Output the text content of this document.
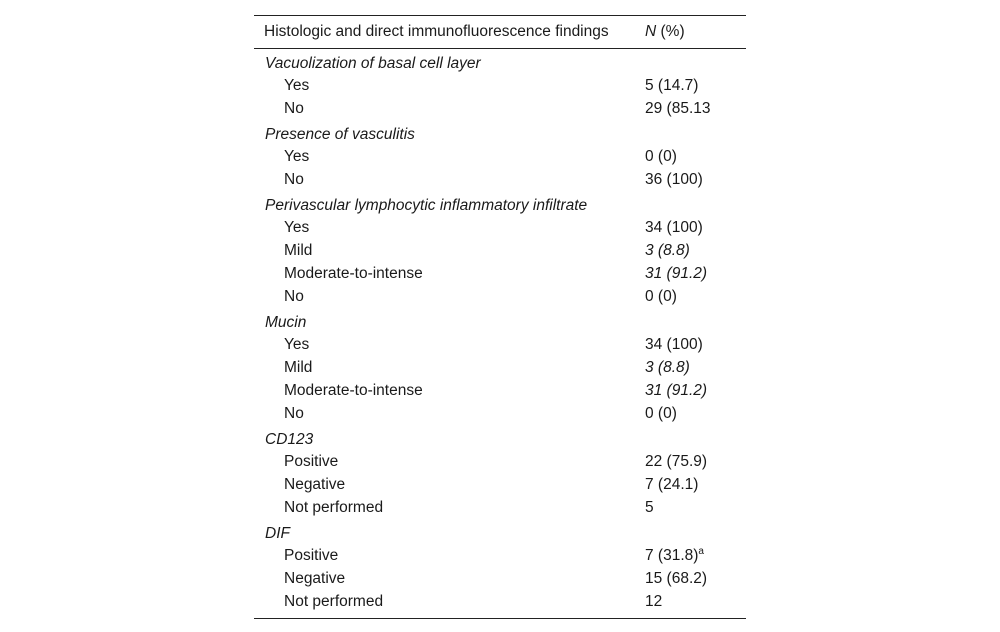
Histologic and direct immunofluorescence findings N (%)
Vacuolization of basal cell layer
Yes	5 (14.7)
No	29 (85.13
Presence of vasculitis
Yes	0 (0)
No	36 (100)
Perivascular lymphocytic inflammatory infiltrate
Yes	34 (100)
Mild	3 (8.8)
Moderate-to-intense	31 (91.2)
No	0 (0)
Mucin
Yes	34 (100)
Mild	3 (8.8)
Moderate-to-intense	31 (91.2)
No	0 (0)
CD123
Positive	22 (75.9)
Negative	7 (24.1)
Not performed	5
DIF
Positive	7 $(31.8)^a$
Negative	15 (68.2)
Not performed	12
